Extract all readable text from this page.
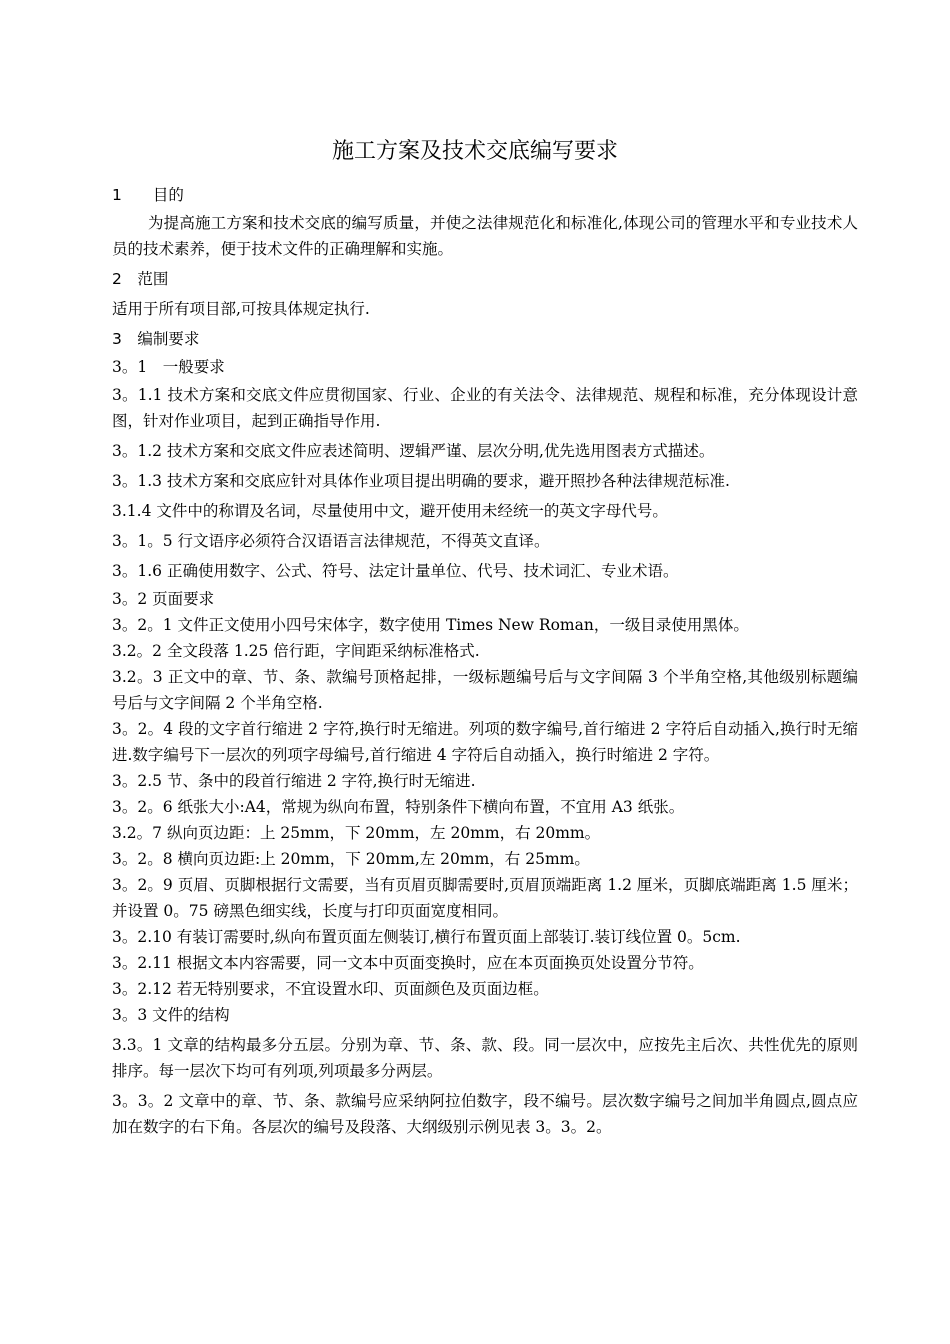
施工方案及技术交底编写要求

1　　目的

为提高施工方案和技术交底的编写质量，并使之法律规范化和标准化,体现公司的管理水平和专业技术人员的技术素养，便于技术文件的正确理解和实施。

2　范围

适用于所有项目部,可按具体规定执行.

3　编制要求

3。1　一般要求

3。1.1 技术方案和交底文件应贯彻国家、行业、企业的有关法令、法律规范、规程和标准，充分体现设计意图，针对作业项目，起到正确指导作用.

3。1.2 技术方案和交底文件应表述简明、逻辑严谨、层次分明,优先选用图表方式描述。

3。1.3 技术方案和交底应针对具体作业项目提出明确的要求，避开照抄各种法律规范标准.

3.1.4 文件中的称谓及名词，尽量使用中文，避开使用未经统一的英文字母代号。

3。1。5 行文语序必须符合汉语语言法律规范，不得英文直译。

3。1.6 正确使用数字、公式、符号、法定计量单位、代号、技术词汇、专业术语。

3。2 页面要求

3。2。1 文件正文使用小四号宋体字，数字使用 Times New Roman，一级目录使用黑体。

3.2。2 全文段落 1.25 倍行距，字间距采纳标准格式.

3.2。3 正文中的章、节、条、款编号顶格起排，一级标题编号后与文字间隔 3 个半角空格,其他级别标题编号后与文字间隔 2 个半角空格.

3。2。4 段的文字首行缩进 2 字符,换行时无缩进。列项的数字编号,首行缩进 2 字符后自动插入,换行时无缩进.数字编号下一层次的列项字母编号,首行缩进 4 字符后自动插入，换行时缩进 2 字符。

3。2.5 节、条中的段首行缩进 2 字符,换行时无缩进.

3。2。6 纸张大小:A4，常规为纵向布置，特别条件下横向布置，不宜用 A3 纸张。

3.2。7 纵向页边距：上 25mm，下 20mm，左 20mm，右 20mm。

3。2。8 横向页边距:上 20mm，下 20mm,左 20mm，右 25mm。

3。2。9 页眉、页脚根据行文需要，当有页眉页脚需要时,页眉顶端距离 1.2 厘米，页脚底端距离 1.5 厘米；并设置 0。75 磅黑色细实线，长度与打印页面宽度相同。

3。2.10 有装订需要时,纵向布置页面左侧装订,横行布置页面上部装订.装订线位置 0。5cm.

3。2.11 根据文本内容需要，同一文本中页面变换时，应在本页面换页处设置分节符。

3。2.12 若无特别要求，不宜设置水印、页面颜色及页面边框。

3。3 文件的结构

3.3。1 文章的结构最多分五层。分别为章、节、条、款、段。同一层次中，应按先主后次、共性优先的原则排序。每一层次下均可有列项,列项最多分两层。

3。3。2 文章中的章、节、条、款编号应采纳阿拉伯数字，段不编号。层次数字编号之间加半角圆点,圆点应加在数字的右下角。各层次的编号及段落、大纲级别示例见表 3。3。2。
